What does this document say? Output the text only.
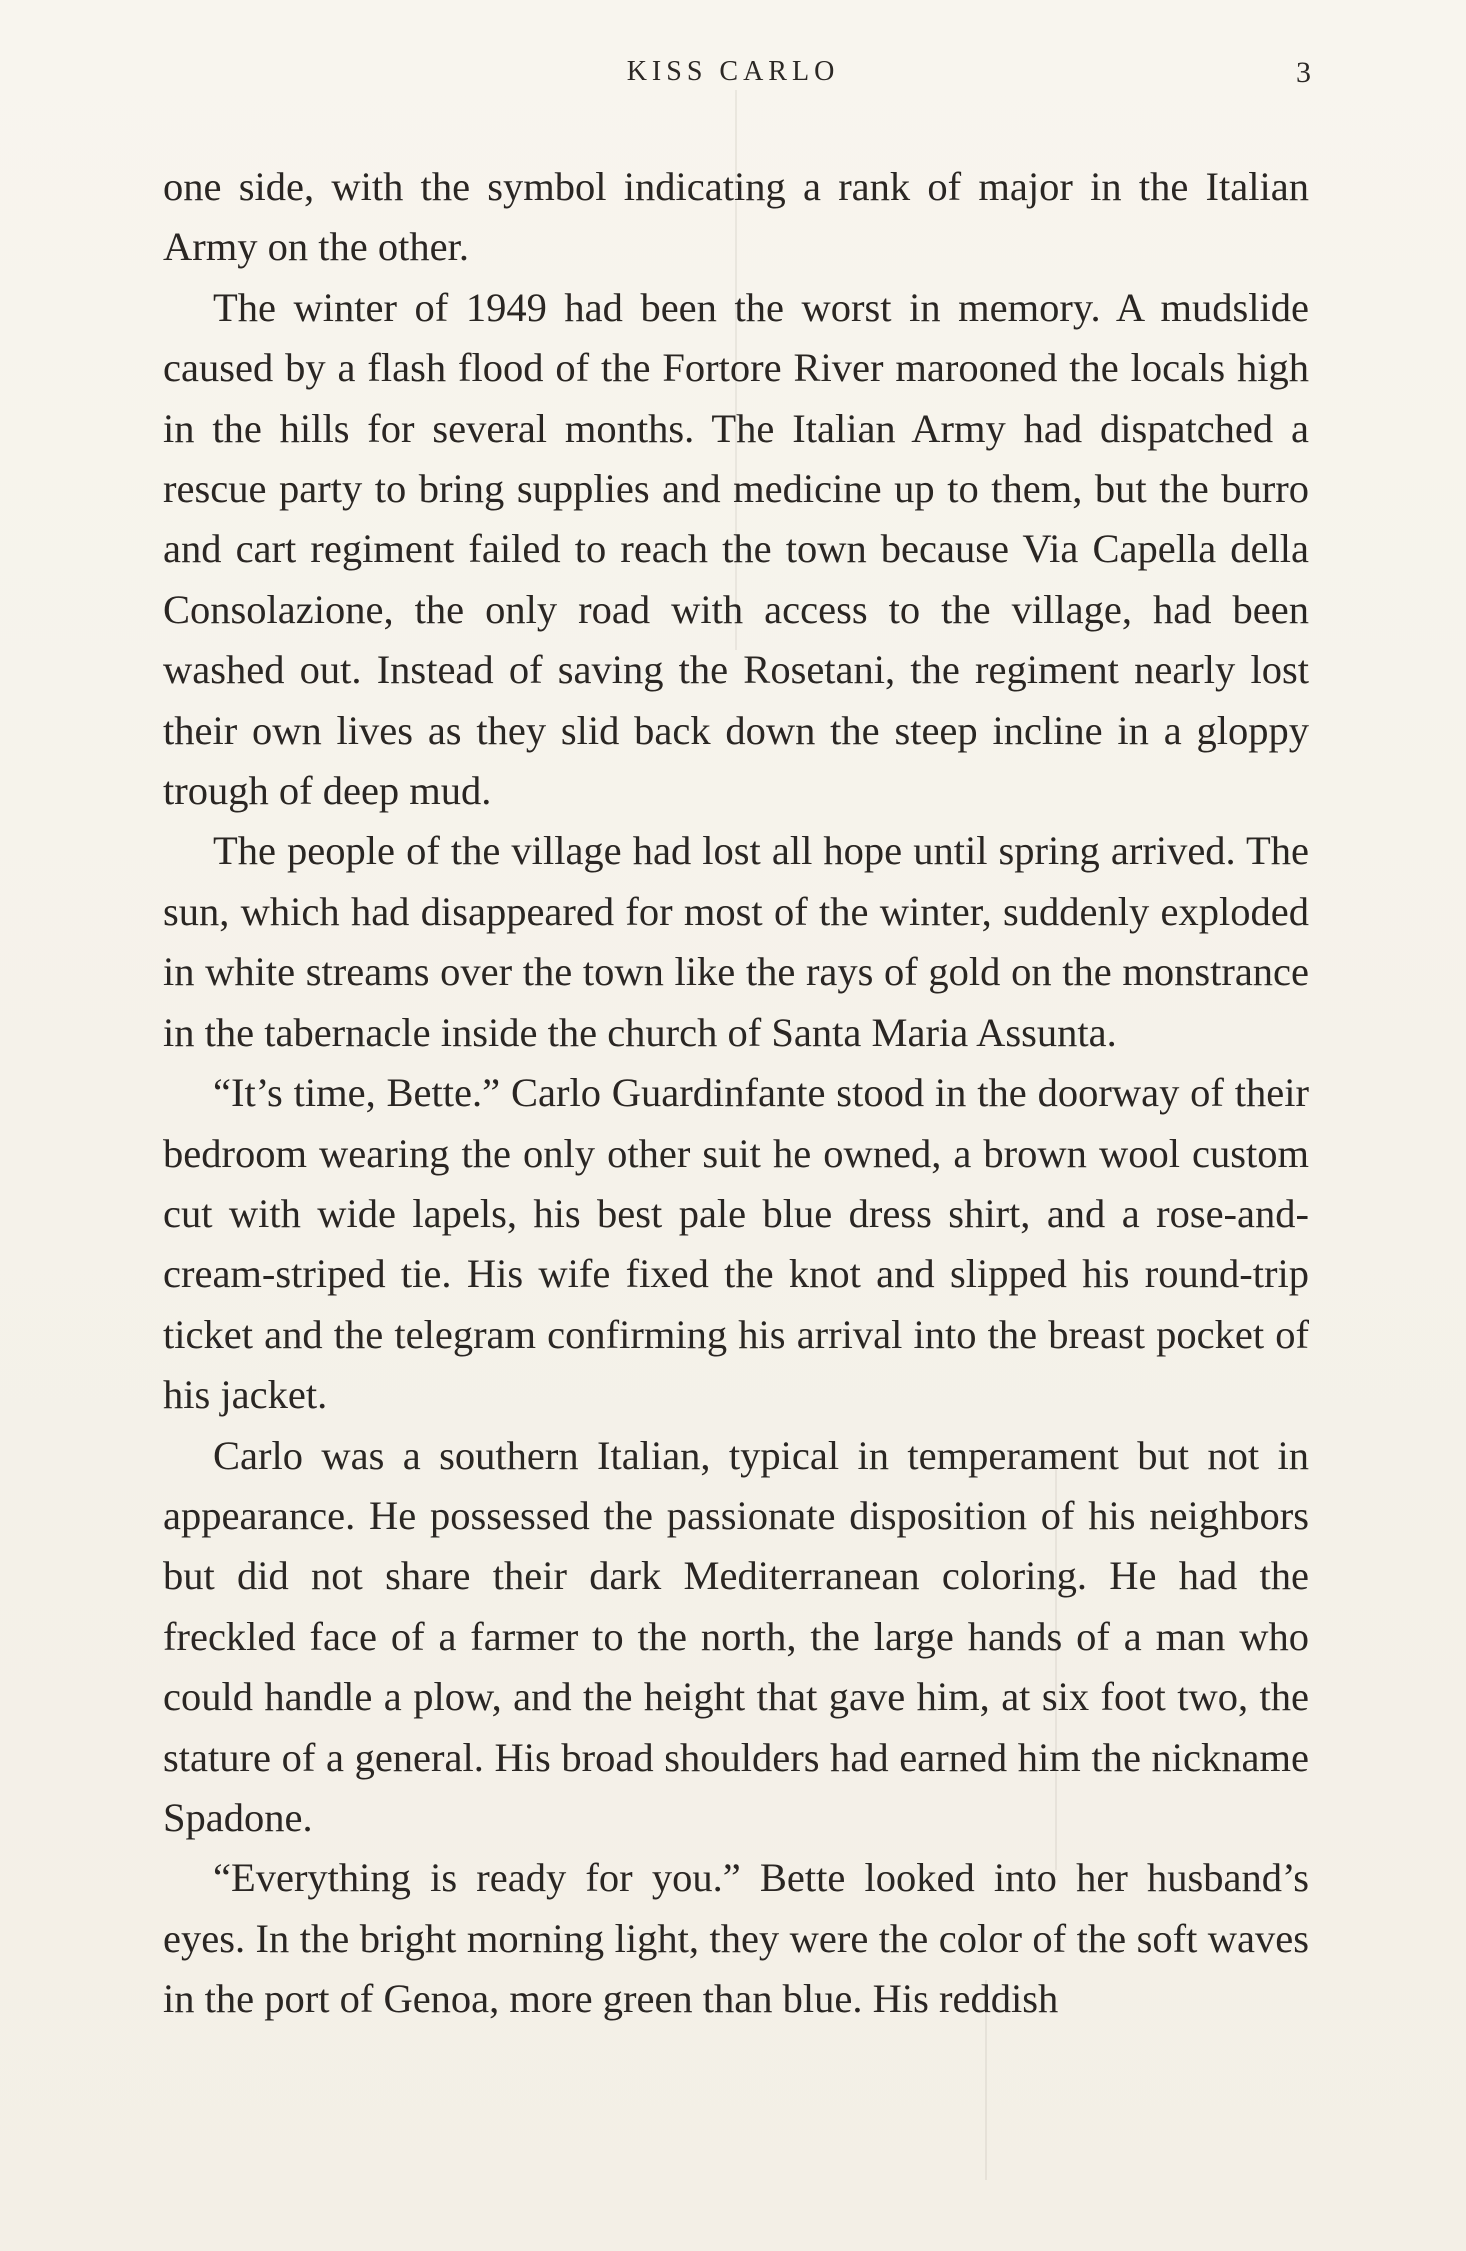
KISS CARLO	3

one side, with the symbol indicating a rank of major in the Italian Army on the other.

The winter of 1949 had been the worst in memory. A mudslide caused by a flash flood of the Fortore River marooned the locals high in the hills for several months. The Italian Army had dispatched a rescue party to bring supplies and medicine up to them, but the burro and cart regiment failed to reach the town because Via Capella della Consolazione, the only road with access to the village, had been washed out. Instead of saving the Rosetani, the regiment nearly lost their own lives as they slid back down the steep incline in a gloppy trough of deep mud.

The people of the village had lost all hope until spring arrived. The sun, which had disappeared for most of the winter, suddenly exploded in white streams over the town like the rays of gold on the monstrance in the tabernacle inside the church of Santa Maria Assunta.

“It’s time, Bette.” Carlo Guardinfante stood in the doorway of their bedroom wearing the only other suit he owned, a brown wool custom cut with wide lapels, his best pale blue dress shirt, and a rose-and-cream-striped tie. His wife fixed the knot and slipped his round-trip ticket and the telegram confirming his arrival into the breast pocket of his jacket.

Carlo was a southern Italian, typical in temperament but not in appearance. He possessed the passionate disposition of his neighbors but did not share their dark Mediterranean coloring. He had the freckled face of a farmer to the north, the large hands of a man who could handle a plow, and the height that gave him, at six foot two, the stature of a general. His broad shoulders had earned him the nickname Spadone.

“Everything is ready for you.” Bette looked into her husband’s eyes. In the bright morning light, they were the color of the soft waves in the port of Genoa, more green than blue. His reddish
